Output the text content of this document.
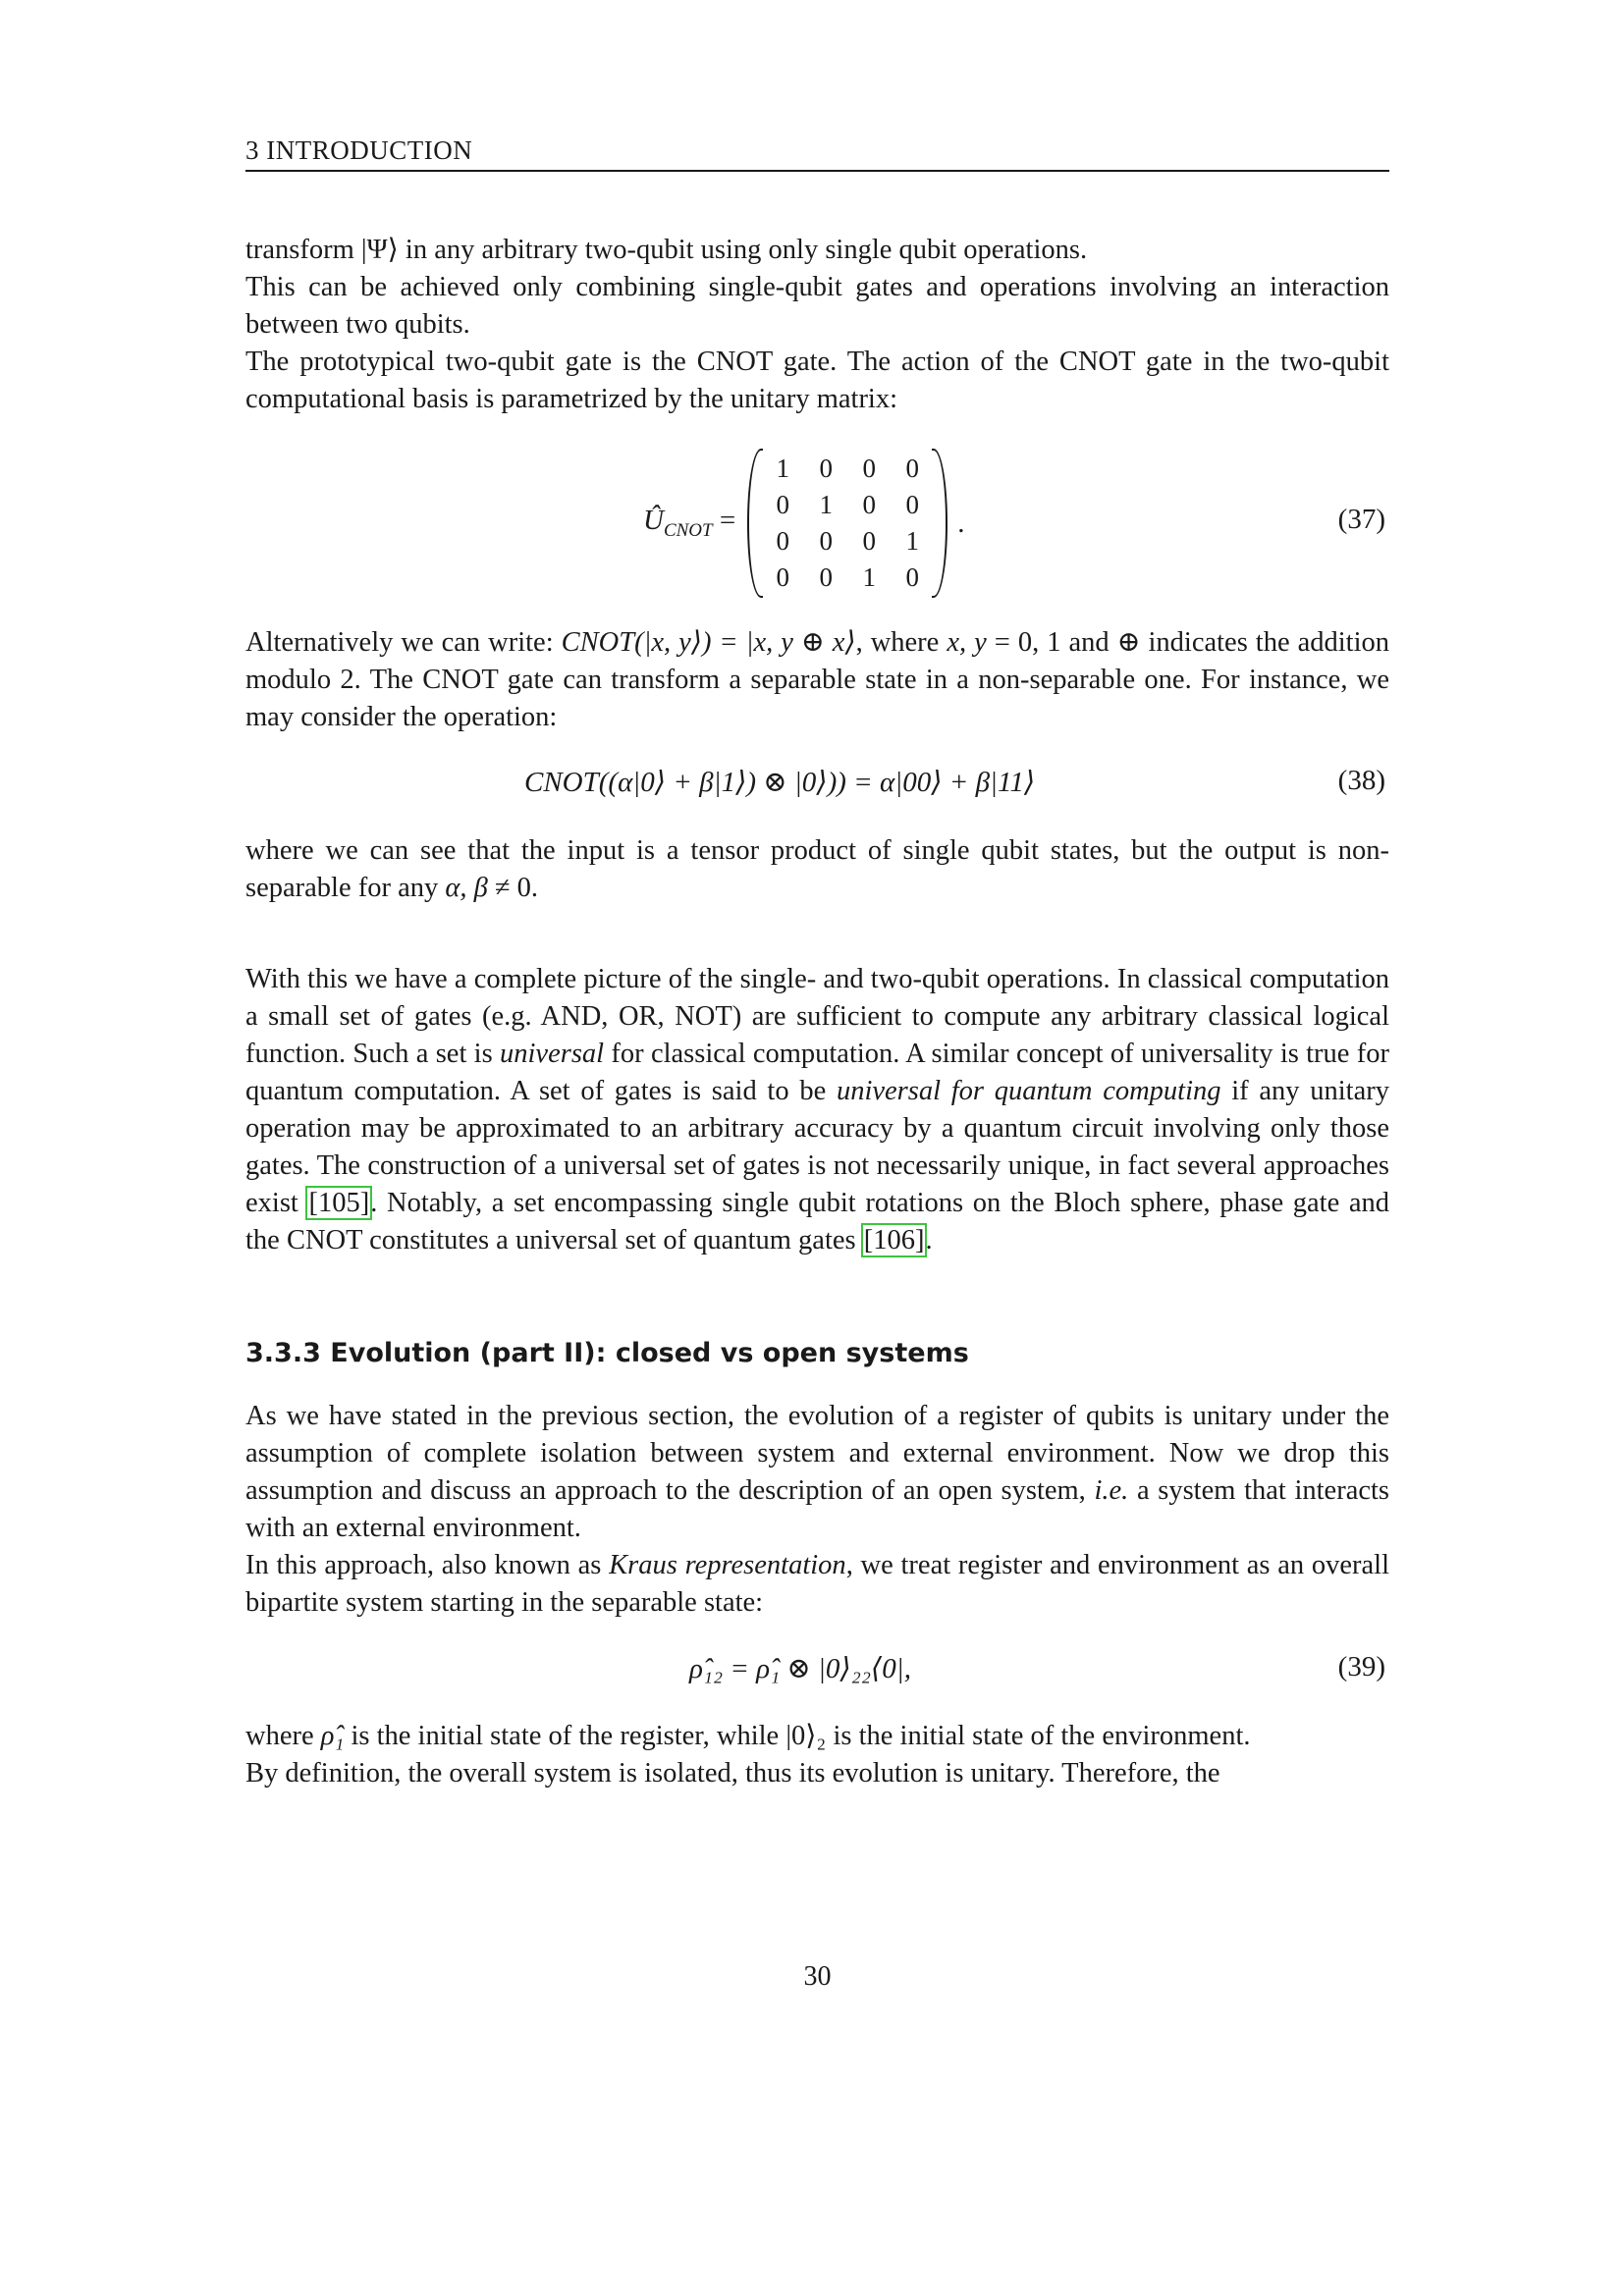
3 INTRODUCTION

transform |Ψ⟩ in any arbitrary two-qubit using only single qubit operations.

This can be achieved only combining single-qubit gates and operations involving an interaction between two qubits.

The prototypical two-qubit gate is the CNOT gate. The action of the CNOT gate in the two-qubit computational basis is parametrized by the unitary matrix:

$Û_{CNOT}$ =
1	0	0	0
0	1	0	0
0	0	0	1
0	0	1	0
.	(37)

Alternatively we can write: CNOT(|x, y⟩) = |x, y ⊕ x⟩, where x, y = 0, 1 and ⊕ indicates the addition modulo 2. The CNOT gate can transform a separable state in a non-separable one. For instance, we may consider the operation:

CNOT((α|0⟩ + β|1⟩) ⊗ |0⟩)) = α|00⟩ + β|11⟩	(38)

where we can see that the input is a tensor product of single qubit states, but the output is non-separable for any α, β ≠ 0.

With this we have a complete picture of the single- and two-qubit operations. In classical computation a small set of gates (e.g. AND, OR, NOT) are sufficient to compute any arbitrary classical logical function. Such a set is universal for classical computation. A similar concept of universality is true for quantum computation. A set of gates is said to be universal for quantum computing if any unitary operation may be approximated to an arbitrary accuracy by a quantum circuit involving only those gates. The construction of a universal set of gates is not necessarily unique, in fact several approaches exist [105]. Notably, a set encompassing single qubit rotations on the Bloch sphere, phase gate and the CNOT constitutes a universal set of quantum gates [106].

3.3.3 Evolution (part II): closed vs open systems

As we have stated in the previous section, the evolution of a register of qubits is unitary under the assumption of complete isolation between system and external environment. Now we drop this assumption and discuss an approach to the description of an open system, i.e. a system that interacts with an external environment.

In this approach, also known as Kraus representation, we treat register and environment as an overall bipartite system starting in the separable state:

ρ̂₁₂ = ρ̂₁ ⊗ |0⟩₂₂⟨0|,	(39)

where ρ̂₁ is the initial state of the register, while |0⟩₂ is the initial state of the environment.

By definition, the overall system is isolated, thus its evolution is unitary. Therefore, the

30
